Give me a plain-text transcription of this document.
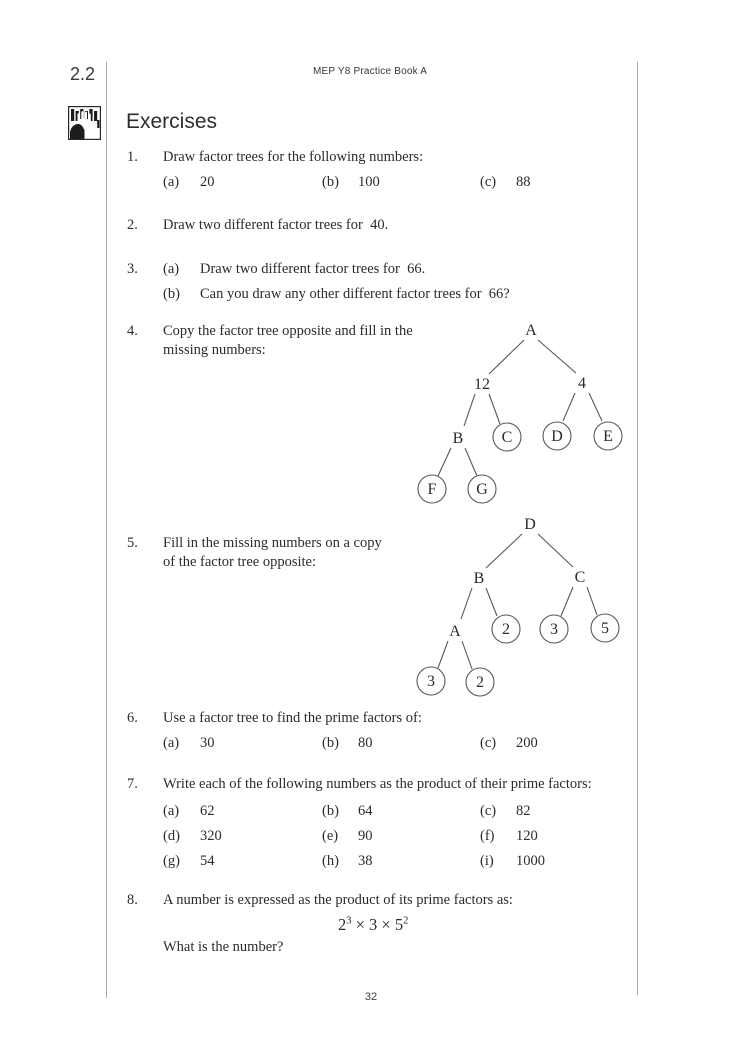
2.2	MEP Y8 Practice Book A
Exercises
1. Draw factor trees for the following numbers:
(a) 20	(b) 100	(c) 88
2. Draw two different factor trees for  40.
3. (a) Draw two different factor trees for  66.
(b) Can you draw any other different factor trees for  66?
4. Copy the factor tree opposite and fill in the
missing numbers:
A
12	4
B C D	E
F G
5. Fill in the missing numbers on a copy
of the factor tree opposite:
D
B	C
A	2	3	5
3	2
6. Use a factor tree to find the prime factors of:
(a) 30	(b) 80	(c) 200
7. Write each of the following numbers as the product of their prime factors:
(a) 62	(b) 64	(c) 82
(d) 320	(e) 90	(f) 120
(g) 54	(h) 38	(i) 1000
8. A number is expressed as the product of its prime factors as:
$2^3 \times 3 \times 5^2$
What is the number?
32
